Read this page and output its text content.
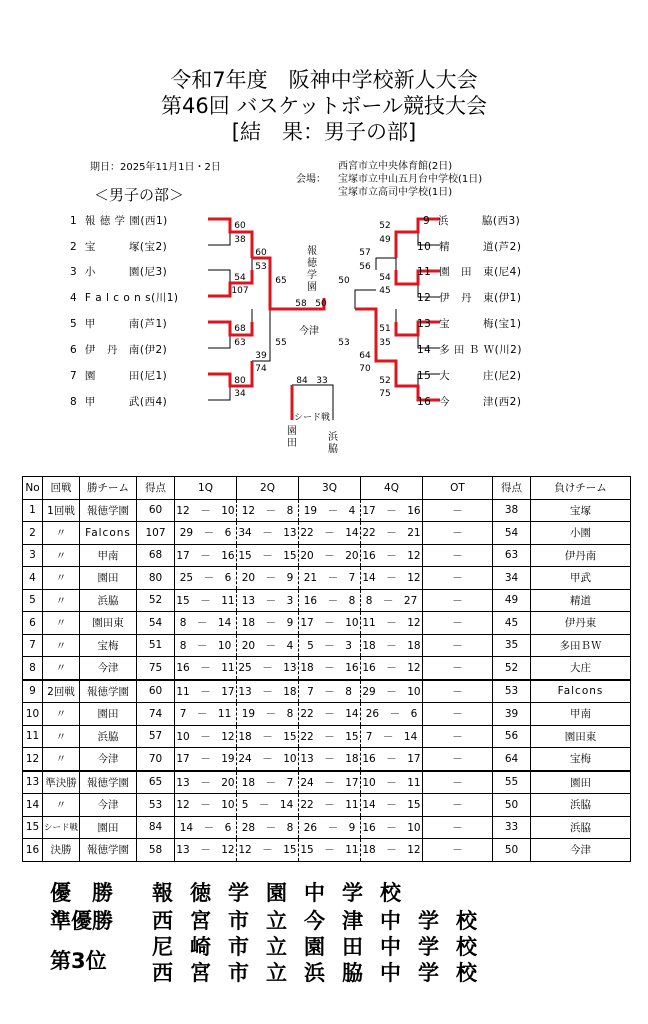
令和7年度　阪神中学校新人大会
第46回 バスケットボール競技大会
[結　果：男子の部]
期日：2025年11月1日・2日
会場：
西宮市立中央体育館(2日)
宝塚市立中山五月台中学校(1日)
宝塚市立高司中学校(1日)
＜男子の部＞
1 報 徳 学 園(西1)
2 宝　　　塚(宝2)
3 小　　　園(尼3)
4 F a l c o n s(川1)
5 甲　　　南(芦1)
6 伊　丹　南(伊2)
7 園　　　田(尼1)
8 甲　　　武(西4)
9 浜　　　脇(西3)
10 精　　　道(芦2)
11 園　田　東(尼4)
12 伊　丹　東(伊1)
13 宝　　　梅(宝1)
14 多 田 Ｂ Ｗ(川2)
15 大　　　庄(尼2)
16 今　　　津(西2)
60
38
54
107
68
63
80
34
60
53
39
74
65
55
52
49
54
45
51
35
52
75
57
56
64
70
50
53
58 50
報
徳
学
園
今津
84 33
シード戦
園
田
浜
脇
No	回戦	勝チーム	得点	1Q	2Q	3Q	4Q	OT	得点	負けチーム
1	1回戦	報徳学園	60	12　－　10	12　－　8	19　－　4	17　－　16	－	38	宝塚
2	〃	Falcons	107	29　－　6	34　－　13	22　－　14	22　－　21	－	54	小園
3	〃	甲南	68	17　－　16	15　－　15	20　－　20	16　－　12	－	63	伊丹南
4	〃	園田	80	25　－　6	20　－　9	21　－　7	14　－　12	－	34	甲武
5	〃	浜脇	52	15　－　11	13　－　3	16　－　8	8　－　27	－	49	精道
6	〃	園田東	54	8　－　14	18　－　9	17　－　10	11　－　12	－	45	伊丹東
7	〃	宝梅	51	8　－　10	20　－　4	5　－　3	18　－　18	－	35	多田ＢＷ
8	〃	今津	75	16　－　11	25　－　13	18　－　16	16　－　12	－	52	大庄
9	2回戦	報徳学園	60	11　－　17	13　－　18	7　－　8	29　－　10	－	53	Falcons
10	〃	園田	74	7　－　11	19　－　8	22　－　14	26　－　6	－	39	甲南
11	〃	浜脇	57	10　－　12	18　－　15	22　－　15	7　－　14	－	56	園田東
12	〃	今津	70	17　－　19	24　－　10	13　－　18	16　－　17	－	64	宝梅
13	準決勝	報徳学園	65	13　－　20	18　－　7	24　－　17	10　－　11	－	55	園田
14	〃	今津	53	12　－　10	5　－　14	22　－　11	14　－　15	－	50	浜脇
15	シード戦	園田	84	14　－　6	28　－　8	26　－　9	16　－　10	－	33	浜脇
16	決勝	報徳学園	58	13　－　12	12　－　15	15　－　11	18　－　12	－	50	今津
優　勝 報徳学園中学校
準優勝 西宮市立今津中学校
第3位
尼崎市立園田中学校
西宮市立浜脇中学校
